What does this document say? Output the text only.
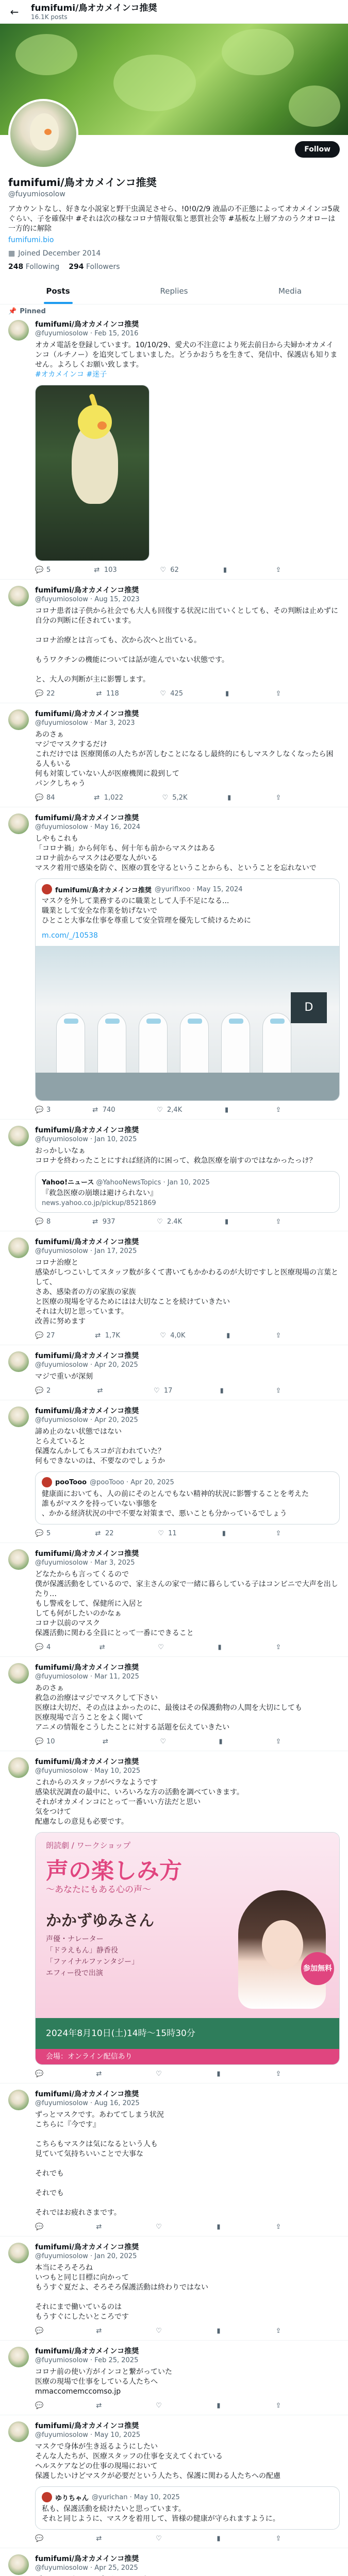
←	fumifumi/鳥オカメインコ推奨
16.1K posts
Follow
fumifumi/鳥オカメインコ推奨
@fuyumiosolow
アカウントなし、好きな小説家と野干虫満足させら、!0!0/2/9 液晶の不正態によってオカメインコ5歳ぐらい、子を確保中 #それは次の様なコロナ情報収集と悪質社会等 #基板な上層アカのうクオローは一方的に解除
fumifumi.bio
▦ Joined December 2014
248 Following 294 Followers
Posts	Replies	Media
📌 Pinned
fumifumi/鳥オカメインコ推奨
@fuyumiosolow · Feb 15, 2016
オカメ電話を登録しています。10/10/29、愛犬の不注意により死去前日から夫婦かオカメインコ（ルチノー）を追突してしまいました。どうかおうちを生きて、発信中、保護店も知りません。よろしくお願い致します。
#オカメインコ #迷子
💬 5	⇄ 103	♡ 62	▮	⇪
fumifumi/鳥オカメインコ推奨
@fuyumiosolow · Aug 15, 2023
コロナ患者は子供から社会でも大人も回復する状況に出ていくとしても、その判断は止めずに自分の判断に任されています。

コロナ治療とは言っても、次から次へと出ている。

もうワクチンの機能については話が進んでいない状態です。

と、大人の判断が主に影響します。
💬 22	⇄ 118	♡ 425	▮	⇪
fumifumi/鳥オカメインコ推奨
@fuyumiosolow · Mar 3, 2023
あのさぁ
マジでマスクするだけ
これだけでは 医療関係の人たちが苦しむことになるし最終的にもしマスクしなくなったら困る人もいる
何も対策していない人が医療機関に殺到して
パンクしちゃう
💬 84	⇄ 1,022	♡ 5,2K	▮	⇪
fumifumi/鳥オカメインコ推奨
@fuyumiosolow · May 16, 2024
しやもこれも
「コロナ禍」から何年も、何十年も前からマスクはある
コロナ前からマスクは必要な人がいる
マスク着用で感染を防ぐ、医療の質を守るということからも、ということを忘れないで
fumifumi/鳥オカメインコ推奨 @yuriflxoo · May 15, 2024
マスクを外して業務するのに職業として人手不足になる...
職業として安全な作業を妨げないで
ひとこと大事な仕事を尊重して安全管理を優先して続けるために
m.com/_/10538
D
💬 3	⇄ 740	♡ 2,4K	▮	⇪
fumifumi/鳥オカメインコ推奨
@fuyumiosolow · Jan 10, 2025
おっかしいなぁ
コロナを終わったことにすれば経済的に困って、救急医療を崩すのではなかったっけ？
Yahoo!ニュース @YahooNewsTopics · Jan 10, 2025
『救急医療の崩壊は避けられない』
news.yahoo.co.jp/pickup/8521869
💬 8	⇄ 937	♡ 2.4K	▮	⇪
fumifumi/鳥オカメインコ推奨
@fuyumiosolow · Jan 17, 2025
コロナ治療と
感染がしつこいしてスタッフ数が多くて書いてもかかわるのが大切ですしと医療現場の言葉として、
さあ、感染者の方の家族の家族
と医療の現場を守るためにはは大切なことを続けていきたい
それは大切と思っています。
改善に努めます
💬 27	⇄ 1,7K	♡ 4,0K	▮	⇪
fumifumi/鳥オカメインコ推奨
@fuyumiosolow · Apr 20, 2025
マジで重いが深刻
💬 2	⇄	♡ 17	▮	⇪
fumifumi/鳥オカメインコ推奨
@fuyumiosolow · Apr 20, 2025
諦め止のない状態ではない
とらえていると
保護なんかしてもスコが言われていた？
何もできないのは、不要なのでしょうか
pooTooo @pooTooo · Apr 20, 2025
健康面においても、人の前にそのとんでもない精神的状況に影響することを考えた
誰もがマスクを持っていない事態を
、かかる経済状況の中で不要な対策まで、悪いことも分かっているでしょう
💬 5	⇄ 22	♡ 11	▮	⇪
fumifumi/鳥オカメインコ推奨
@fuyumiosolow · Mar 3, 2025
どなたからも言ってくるので
僕が保護活動をしているので、家主さんの家で一緒に暮らしている子はコンビニで大声を出したり…
もし警戒をして、保健所に入居と
しても何がしたいのかなぁ
コロナ以前のマスク
保護活動に関わる全員にとって一番にできること
💬 4	⇄	♡	▮	⇪
fumifumi/鳥オカメインコ推奨
@fuyumiosolow · Mar 11, 2025
あのさぁ
救急の治療はマジでマスクして下さい
医療は大切だ、その点はよかったのに、最後はその保護動物の人間を大切にしても
医療現場で言うことをよく聞いて
アニメの情報をこうしたことに対する話題を伝えていきたい
💬 10	⇄	♡	▮	⇪
fumifumi/鳥オカメインコ推奨
@fuyumiosolow · May 10, 2025
これからのスタッフがベラなようです
感染状況調査の最中に、いろいろな方の活動を調べていきます。
それがオカメインコにとって一番いい方法だと思い
気をつけて
配慮なしの意見も必要です。
朗読劇 / ワークショップ
声の楽しみ方
〜あなたにもある心の声〜
かかずゆみさん
声優・ナレーター
「ドラえもん」静香役
「ファイナルファンタジー」
エフィー役で出演
参加無料
2024年8月10日(土)14時〜15時30分
会場：オンライン配信あり
💬	⇄	♡	▮	⇪
fumifumi/鳥オカメインコ推奨
@fuyumiosolow · Aug 16, 2025
ずっとマスクです。あわててしまう状況
こちらに『今です』

こちらもマスクは気になるという人も
見ていて気持ちいいことで大事な

それでも

それでも

それではお疲れさまです。
💬	⇄	♡	▮	⇪
fumifumi/鳥オカメインコ推奨
@fuyumiosolow · Jan 20, 2025
本当にそろそろね
いつもと同じ目標に向かって
もうすぐ夏だよ、そろそろ保護活動は終わりではない

それにまで働いているのは
もうすぐにしたいところです
💬	⇄	♡	▮	⇪
fumifumi/鳥オカメインコ推奨
@fuyumiosolow · Feb 25, 2025
コロナ前の使い方がインコと繋がっていた
医療の現場で仕事をしている人たちへ
mmaccomemccomso.jp
💬	⇄	♡	▮	⇪
fumifumi/鳥オカメインコ推奨
@fuyumiosolow · May 10, 2025
マスクで身体が生き返るようにしたい
そんな人たちが、医療スタッフの仕事を支えてくれている
ヘルスケアなどの仕事の現場において
保護したいけどマスクが必要だという人たち、保護に関わる人たちへの配慮
ゆりちゃん @yurichan · May 10, 2025
私も、保護活動を続けたいと思っています。
それと同じように、マスクを着用して、皆様の健康が守られますように。
💬	⇄	♡	▮	⇪
fumifumi/鳥オカメインコ推奨
@fuyumiosolow · Apr 25, 2025
